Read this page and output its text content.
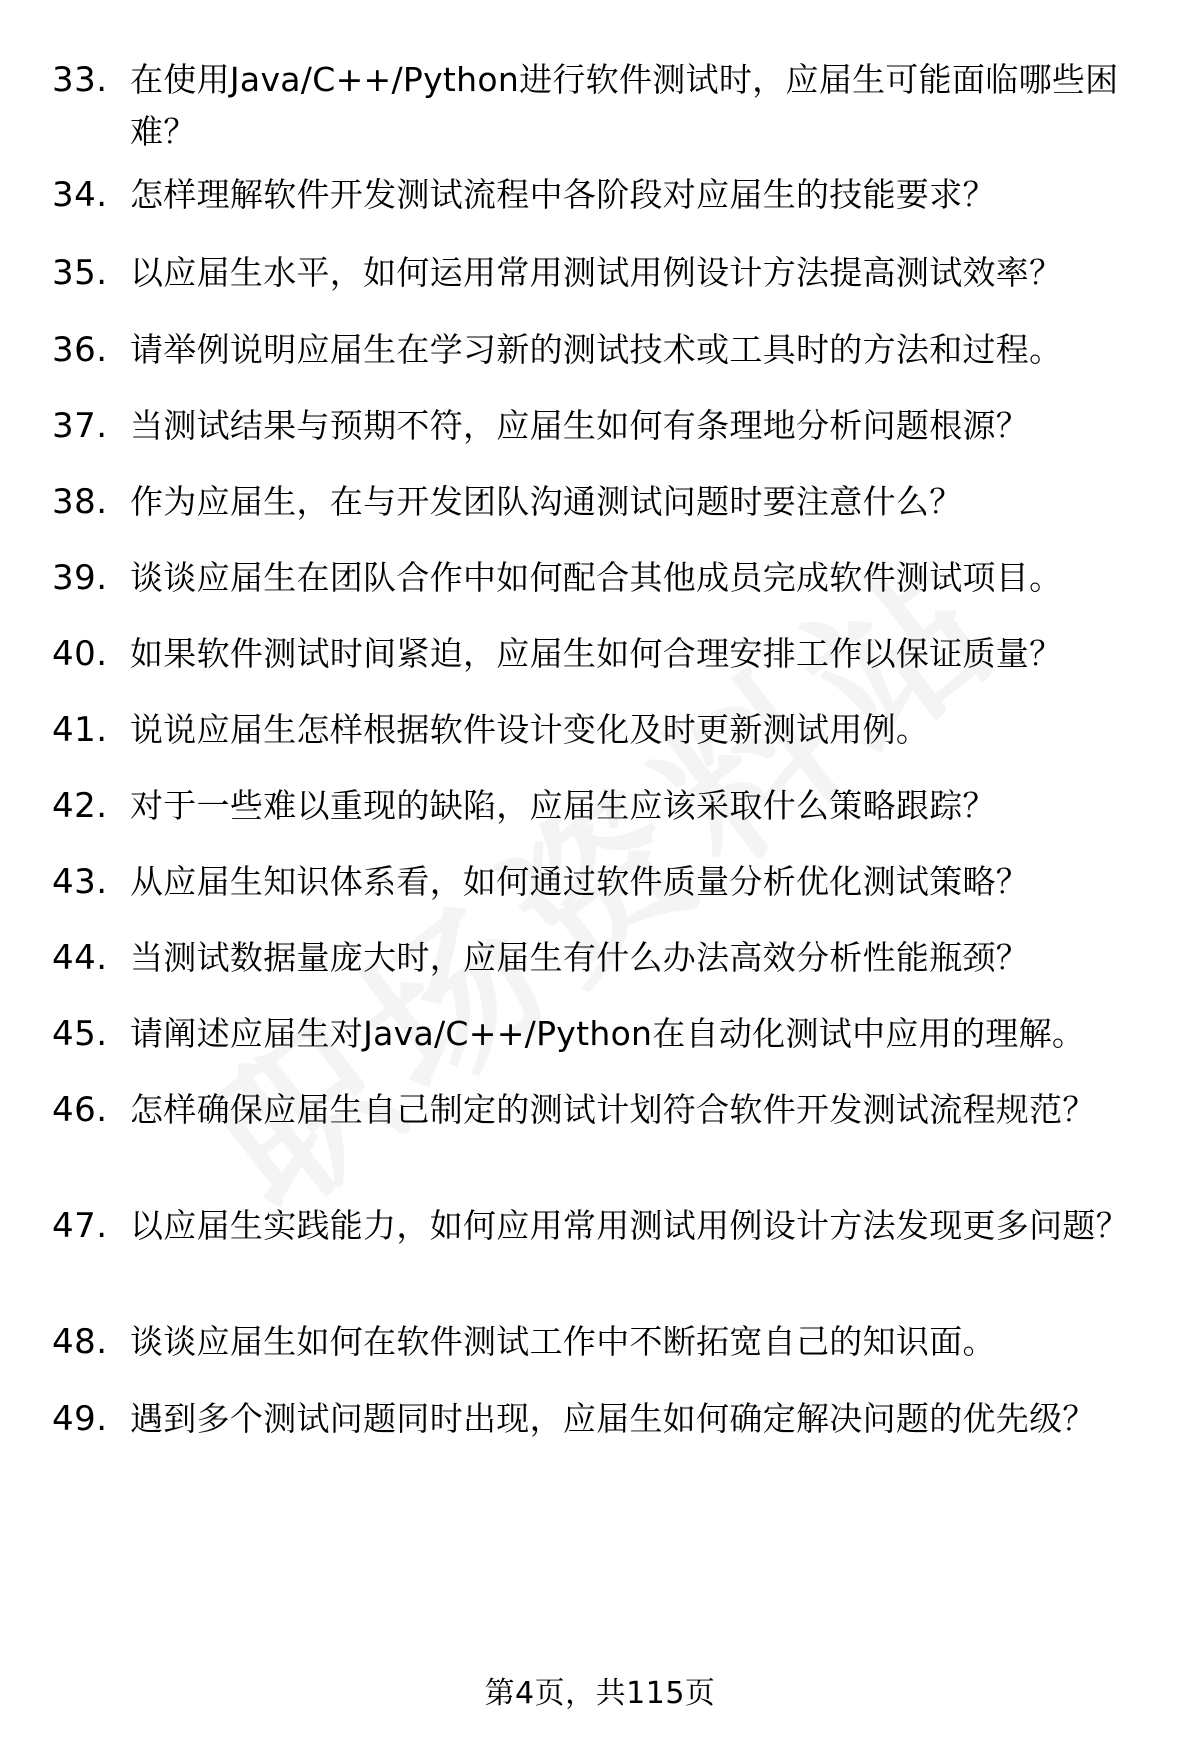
33. 在使用Java/C++/Python进行软件测试时，应届生可能面临哪些困难？
34. 怎样理解软件开发测试流程中各阶段对应届生的技能要求？
35. 以应届生水平，如何运用常用测试用例设计方法提高测试效率？
36. 请举例说明应届生在学习新的测试技术或工具时的方法和过程。
37. 当测试结果与预期不符，应届生如何有条理地分析问题根源？
38. 作为应届生，在与开发团队沟通测试问题时要注意什么？
39. 谈谈应届生在团队合作中如何配合其他成员完成软件测试项目。
40. 如果软件测试时间紧迫，应届生如何合理安排工作以保证质量？
41. 说说应届生怎样根据软件设计变化及时更新测试用例。
42. 对于一些难以重现的缺陷，应届生应该采取什么策略跟踪？
43. 从应届生知识体系看，如何通过软件质量分析优化测试策略？
44. 当测试数据量庞大时，应届生有什么办法高效分析性能瓶颈？
45. 请阐述应届生对Java/C++/Python在自动化测试中应用的理解。
46. 怎样确保应届生自己制定的测试计划符合软件开发测试流程规范？
47. 以应届生实践能力，如何应用常用测试用例设计方法发现更多问题？
48. 谈谈应届生如何在软件测试工作中不断拓宽自己的知识面。
49. 遇到多个测试问题同时出现，应届生如何确定解决问题的优先级？
第4页，共115页
